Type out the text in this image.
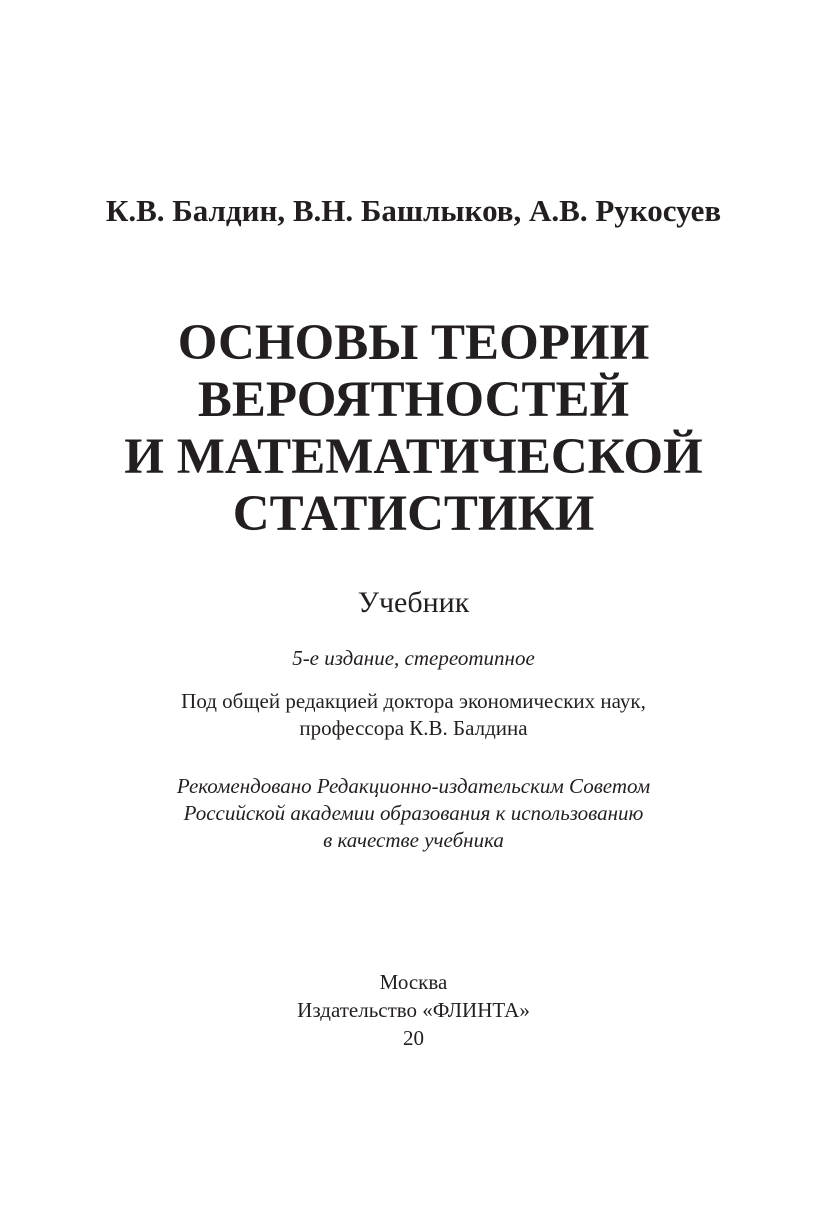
К.В. Балдин, В.Н. Башлыков, А.В. Рукосуев
ОСНОВЫ ТЕОРИИ
ВЕРОЯТНОСТЕЙ
И МАТЕМАТИЧЕСКОЙ
СТАТИСТИКИ
Учебник
5-е издание, стереотипное
Под общей редакцией доктора экономических наук,
профессора К.В. Балдина
Рекомендовано Редакционно-издательским Советом
Российской академии образования к использованию
в качестве учебника
Москва
Издательство «ФЛИНТА»
20
